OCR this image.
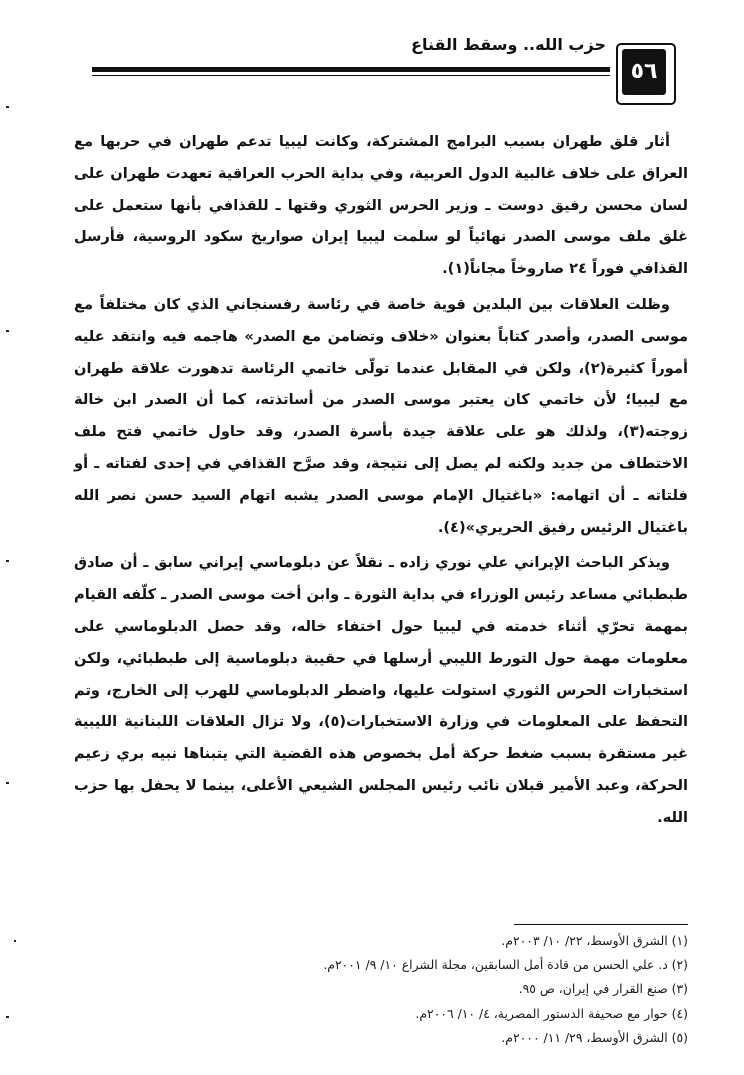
حزب الله.. وسقط القناع
٥٦

أثار قلق طهران بسبب البرامج المشتركة، وكانت ليبيا تدعم طهران في حربها مع العراق على خلاف غالبية الدول العربية، وفي بداية الحرب العراقية تعهدت طهران على لسان محسن رفيق دوست ـ وزير الحرس الثوري وقتها ـ للقذافي بأنها ستعمل على غلق ملف موسى الصدر نهائياً لو سلمت ليبيا إيران صواريخ سكود الروسية، فأرسل القذافي فوراً ٢٤ صاروخاً مجاناً(١).

وظلت العلاقات بين البلدين قوية خاصة في رئاسة رفسنجاني الذي كان مختلفاً مع موسى الصدر، وأصدر كتاباً بعنوان «خلاف وتضامن مع الصدر» هاجمه فيه وانتقد عليه أموراً كثيرة(٢)، ولكن في المقابل عندما تولّى خاتمي الرئاسة تدهورت علاقة طهران مع ليبيا؛ لأن خاتمي كان يعتبر موسى الصدر من أساتذته، كما أن الصدر ابن خالة زوجته(٣)، ولذلك هو على علاقة جيدة بأسرة الصدر، وقد حاول خاتمي فتح ملف الاختطاف من جديد ولكنه لم يصل إلى نتيجة، وقد صرَّح القذافي في إحدى لفتاته ـ أو فلتاته ـ أن اتهامه: «باغتيال الإمام موسى الصدر يشبه اتهام السيد حسن نصر الله باغتيال الرئيس رفيق الحريري»(٤).

ويذكر الباحث الإيراني علي نوري زاده ـ نقلاً عن دبلوماسي إيراني سابق ـ أن صادق طبطبائي مساعد رئيس الوزراء في بداية الثورة ـ وابن أخت موسى الصدر ـ كلّفه القيام بمهمة تحرّي أثناء خدمته في ليبيا حول اختفاء خاله، وقد حصل الدبلوماسي على معلومات مهمة حول التورط الليبي أرسلها في حقيبة دبلوماسية إلى طبطبائي، ولكن استخبارات الحرس الثوري استولت عليها، واضطر الدبلوماسي للهرب إلى الخارج، وتم التحفظ على المعلومات في وزارة الاستخبارات(٥)، ولا تزال العلاقات اللبنانية الليبية غير مستقرة بسبب ضغط حركة أمل بخصوص هذه القضية التي يتبناها نبيه بري زعيم الحركة، وعبد الأمير قبلان نائب رئيس المجلس الشيعي الأعلى، بينما لا يحفل بها حزب الله.

(١) الشرق الأوسط، ٢٢/ ١٠/ ٢٠٠٣م.
(٢) د. علي الحسن من قادة أمل السابقين، مجلة الشراع ١٠/ ٩/ ٢٠٠١م.
(٣) صنع القرار في إيران، ص ٩٥.
(٤) حوار مع صحيفة الدستور المصرية، ٤/ ١٠/ ٢٠٠٦م.
(٥) الشرق الأوسط، ٢٩/ ١١/ ٢٠٠٠م.
